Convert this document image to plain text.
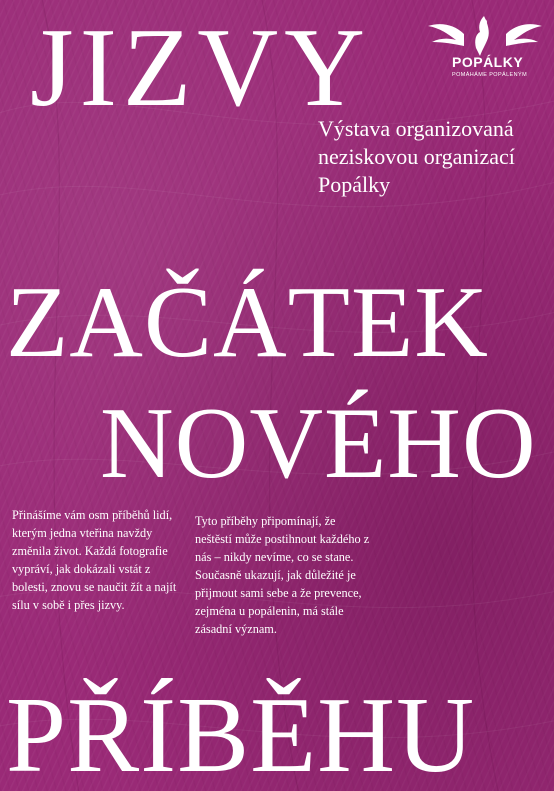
JIZVY	POPÁLKY
POMÁHÁME POPÁLENÝM

Výstava organizovaná neziskovou organizací Popálky

ZAČÁTEK
NOVÉHO

Přinášíme vám osm příběhů lidí, kterým jedna vteřina navždy změnila život. Každá fotografie vypráví, jak dokázali vstát z bolesti, znovu se naučit žít a najít sílu v sobě i přes jizvy.

Tyto příběhy připomínají, že neštěstí může postihnout každého z nás – nikdy nevíme, co se stane. Současně ukazují, jak důležité je přijmout sami sebe a že prevence, zejména u popálenin, má stále zásadní význam.

PŘÍBĚHU
